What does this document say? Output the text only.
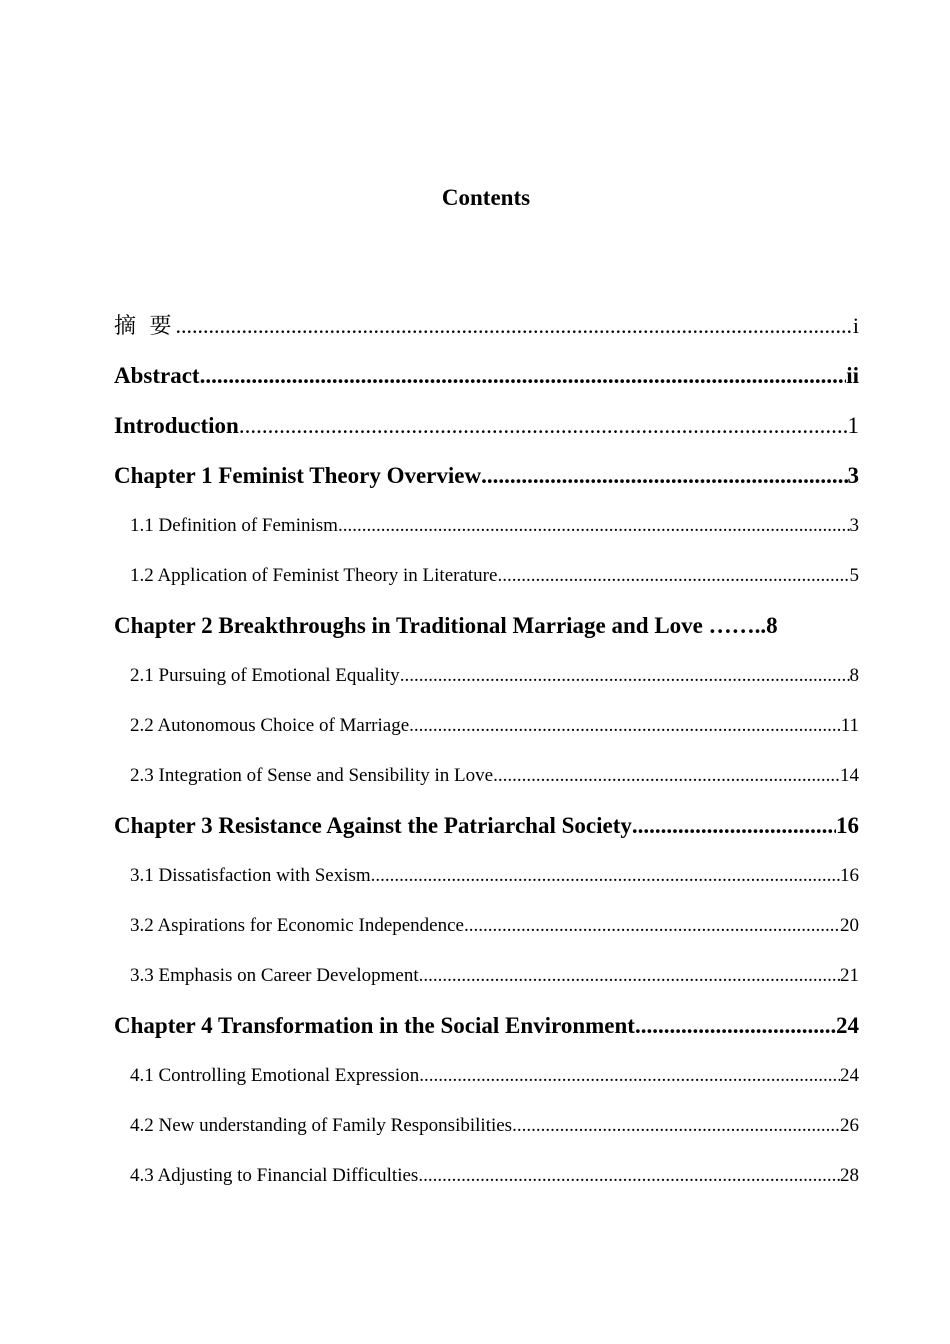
Contents
摘 要 .....	i
Abstract .....	ii
Introduction .....	1
Chapter 1 Feminist Theory Overview .....	3
1.1 Definition of Feminism .....	3
1.2 Application of Feminist Theory in Literature .....	5
Chapter 2 Breakthroughs in Traditional Marriage and Love …….. 8
2.1 Pursuing of Emotional Equality .....	8
2.2 Autonomous Choice of Marriage .....	11
2.3 Integration of Sense and Sensibility in Love .....	14
Chapter 3 Resistance Against the Patriarchal Society .....	16
3.1 Dissatisfaction with Sexism .....	16
3.2 Aspirations for Economic Independence .....	20
3.3 Emphasis on Career Development .....	21
Chapter 4 Transformation in the Social Environment .....	24
4.1 Controlling Emotional Expression .....	24
4.2 New understanding of Family Responsibilities .....	26
4.3 Adjusting to Financial Difficulties .....	28
